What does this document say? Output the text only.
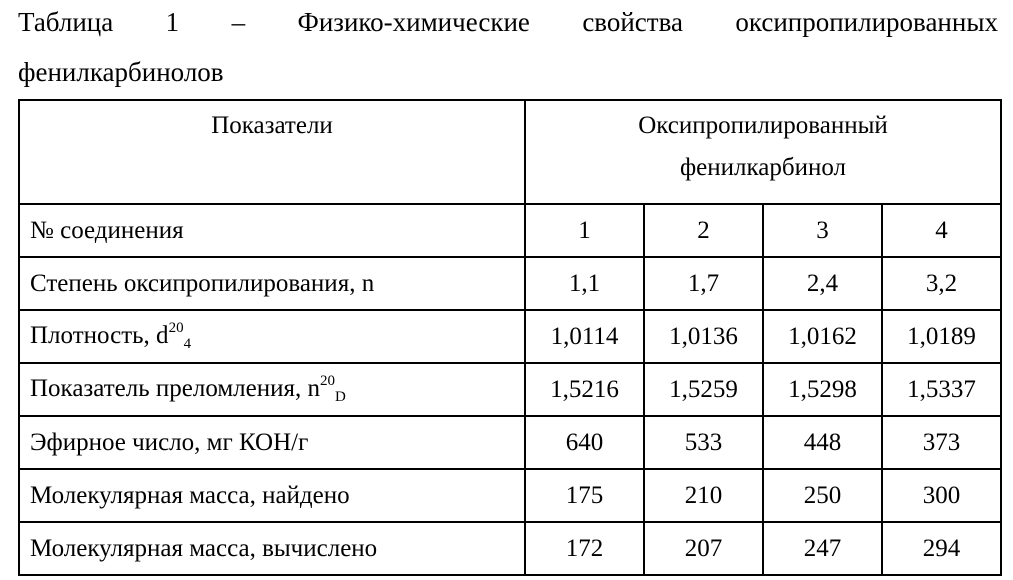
Таблица 1 – Физико-химические свойства оксипропилированных
фенилкарбинолов
Показатели	Оксипропилированный фенилкарбинол			
№ соединения	1	2	3	4
Степень оксипропилирования, n	1,1	1,7	2,4	3,2
Плотность, $d^{20}_4$	1,0114	1,0136	1,0162	1,0189
Показатель преломления, $n^{20}_D$	1,5216	1,5259	1,5298	1,5337
Эфирное число, мг КОН/г	640	533	448	373
Молекулярная масса, найдено	175	210	250	300
Молекулярная масса, вычислено	172	207	247	294
